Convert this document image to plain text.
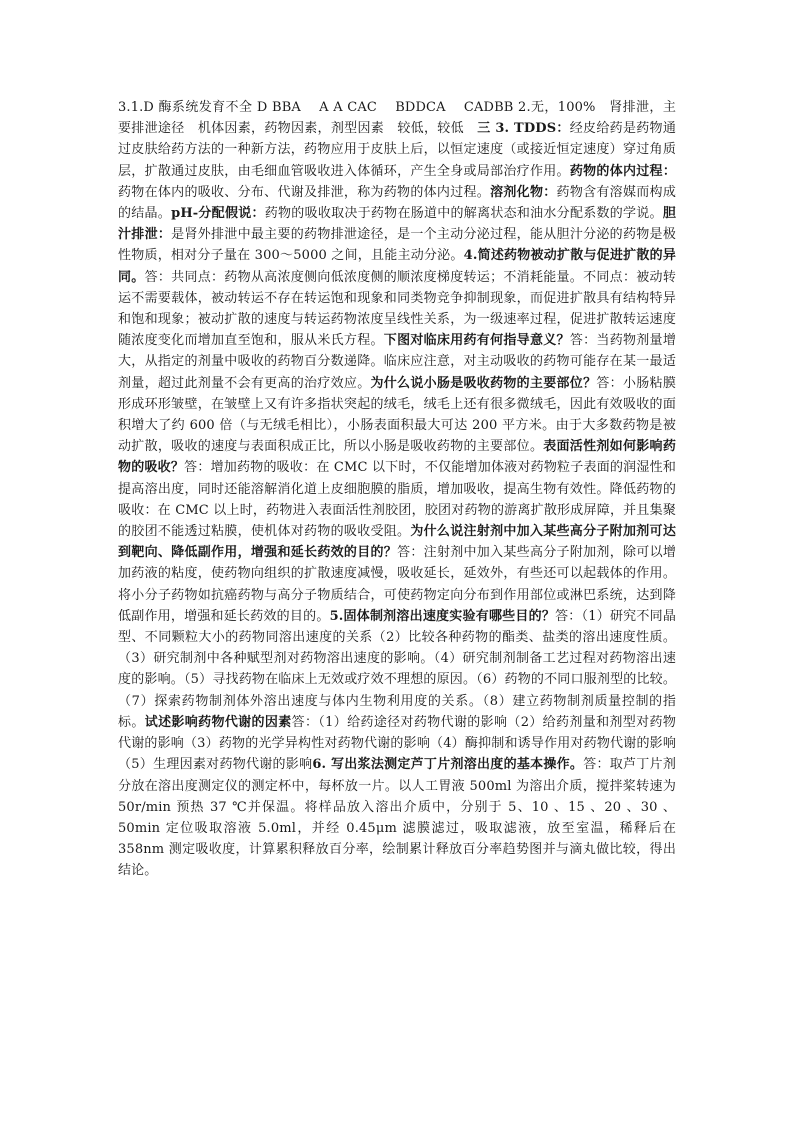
3.1.D 酶系统发育不全 D BBA　 A A CAC　 BDDCA　 CADBB 2.无，100%　肾排泄，主要排泄途径　机体因素，药物因素，剂型因素　较低，较低　三 3. TDDS：经皮给药是药物通过皮肤给药方法的一种新方法，药物应用于皮肤上后，以恒定速度（或接近恒定速度）穿过角质层，扩散通过皮肤，由毛细血管吸收进入体循环，产生全身或局部治疗作用。药物的体内过程：药物在体内的吸收、分布、代谢及排泄，称为药物的体内过程。溶剂化物：药物含有溶媒而构成的结晶。pH-分配假说：药物的吸收取决于药物在肠道中的解离状态和油水分配系数的学说。胆汁排泄：是肾外排泄中最主要的药物排泄途径，是一个主动分泌过程，能从胆汁分泌的药物是极性物质，相对分子量在 300～5000 之间，且能主动分泌。4.简述药物被动扩散与促进扩散的异同。答：共同点：药物从高浓度侧向低浓度侧的顺浓度梯度转运；不消耗能量。不同点：被动转运不需要载体，被动转运不存在转运饱和现象和同类物竞争抑制现象，而促进扩散具有结构特异和饱和现象；被动扩散的速度与转运药物浓度呈线性关系，为一级速率过程，促进扩散转运速度随浓度变化而增加直至饱和，服从米氏方程。下图对临床用药有何指导意义？答：当药物剂量增大，从指定的剂量中吸收的药物百分数递降。临床应注意，对主动吸收的药物可能存在某一最适剂量，超过此剂量不会有更高的治疗效应。为什么说小肠是吸收药物的主要部位？答：小肠粘膜形成环形皱壁，在皱壁上又有许多指状突起的绒毛，绒毛上还有很多微绒毛，因此有效吸收的面积增大了约 600 倍（与无绒毛相比），小肠表面积最大可达 200 平方米。由于大多数药物是被动扩散，吸收的速度与表面积成正比，所以小肠是吸收药物的主要部位。表面活性剂如何影响药物的吸收？答：增加药物的吸收：在 CMC 以下时，不仅能增加体液对药物粒子表面的润湿性和提高溶出度，同时还能溶解消化道上皮细胞膜的脂质，增加吸收，提高生物有效性。降低药物的吸收：在 CMC 以上时，药物进入表面活性剂胶团，胶团对药物的游离扩散形成屏障，并且集聚的胶团不能透过粘膜，使机体对药物的吸收受阻。为什么说注射剂中加入某些高分子附加剂可达到靶向、降低副作用，增强和延长药效的目的？答：注射剂中加入某些高分子附加剂，除可以增加药液的粘度，使药物向组织的扩散速度减慢，吸收延长，延效外，有些还可以起载体的作用。将小分子药物如抗癌药物与高分子物质结合，可使药物定向分布到作用部位或淋巴系统，达到降低副作用，增强和延长药效的目的。5.固体制剂溶出速度实验有哪些目的？答：（1）研究不同晶型、不同颗粒大小的药物同溶出速度的关系（2）比较各种药物的酯类、盐类的溶出速度性质。（3）研究制剂中各种赋型剂对药物溶出速度的影响。（4）研究制剂制备工艺过程对药物溶出速度的影响。（5）寻找药物在临床上无效或疗效不理想的原因。（6）药物的不同口服剂型的比较。（7）探索药物制剂体外溶出速度与体内生物利用度的关系。（8）建立药物制剂质量控制的指标。试述影响药物代谢的因素答：（1）给药途径对药物代谢的影响（2）给药剂量和剂型对药物代谢的影响（3）药物的光学异构性对药物代谢的影响（4）酶抑制和诱导作用对药物代谢的影响（5）生理因素对药物代谢的影响6. 写出浆法测定芦丁片剂溶出度的基本操作。答：取芦丁片剂分放在溶出度测定仪的测定杯中，每杯放一片。以人工胃液 500ml 为溶出介质，搅拌桨转速为 50r/min 预热 37 ℃并保温。将样品放入溶出介质中，分别于 5、10 、15 、20 、30 、50min 定位吸取溶液 5.0ml，并经 0.45μm 滤膜滤过，吸取滤液，放至室温，稀释后在 358nm 测定吸收度，计算累积释放百分率，绘制累计释放百分率趋势图并与滴丸做比较，得出结论。
